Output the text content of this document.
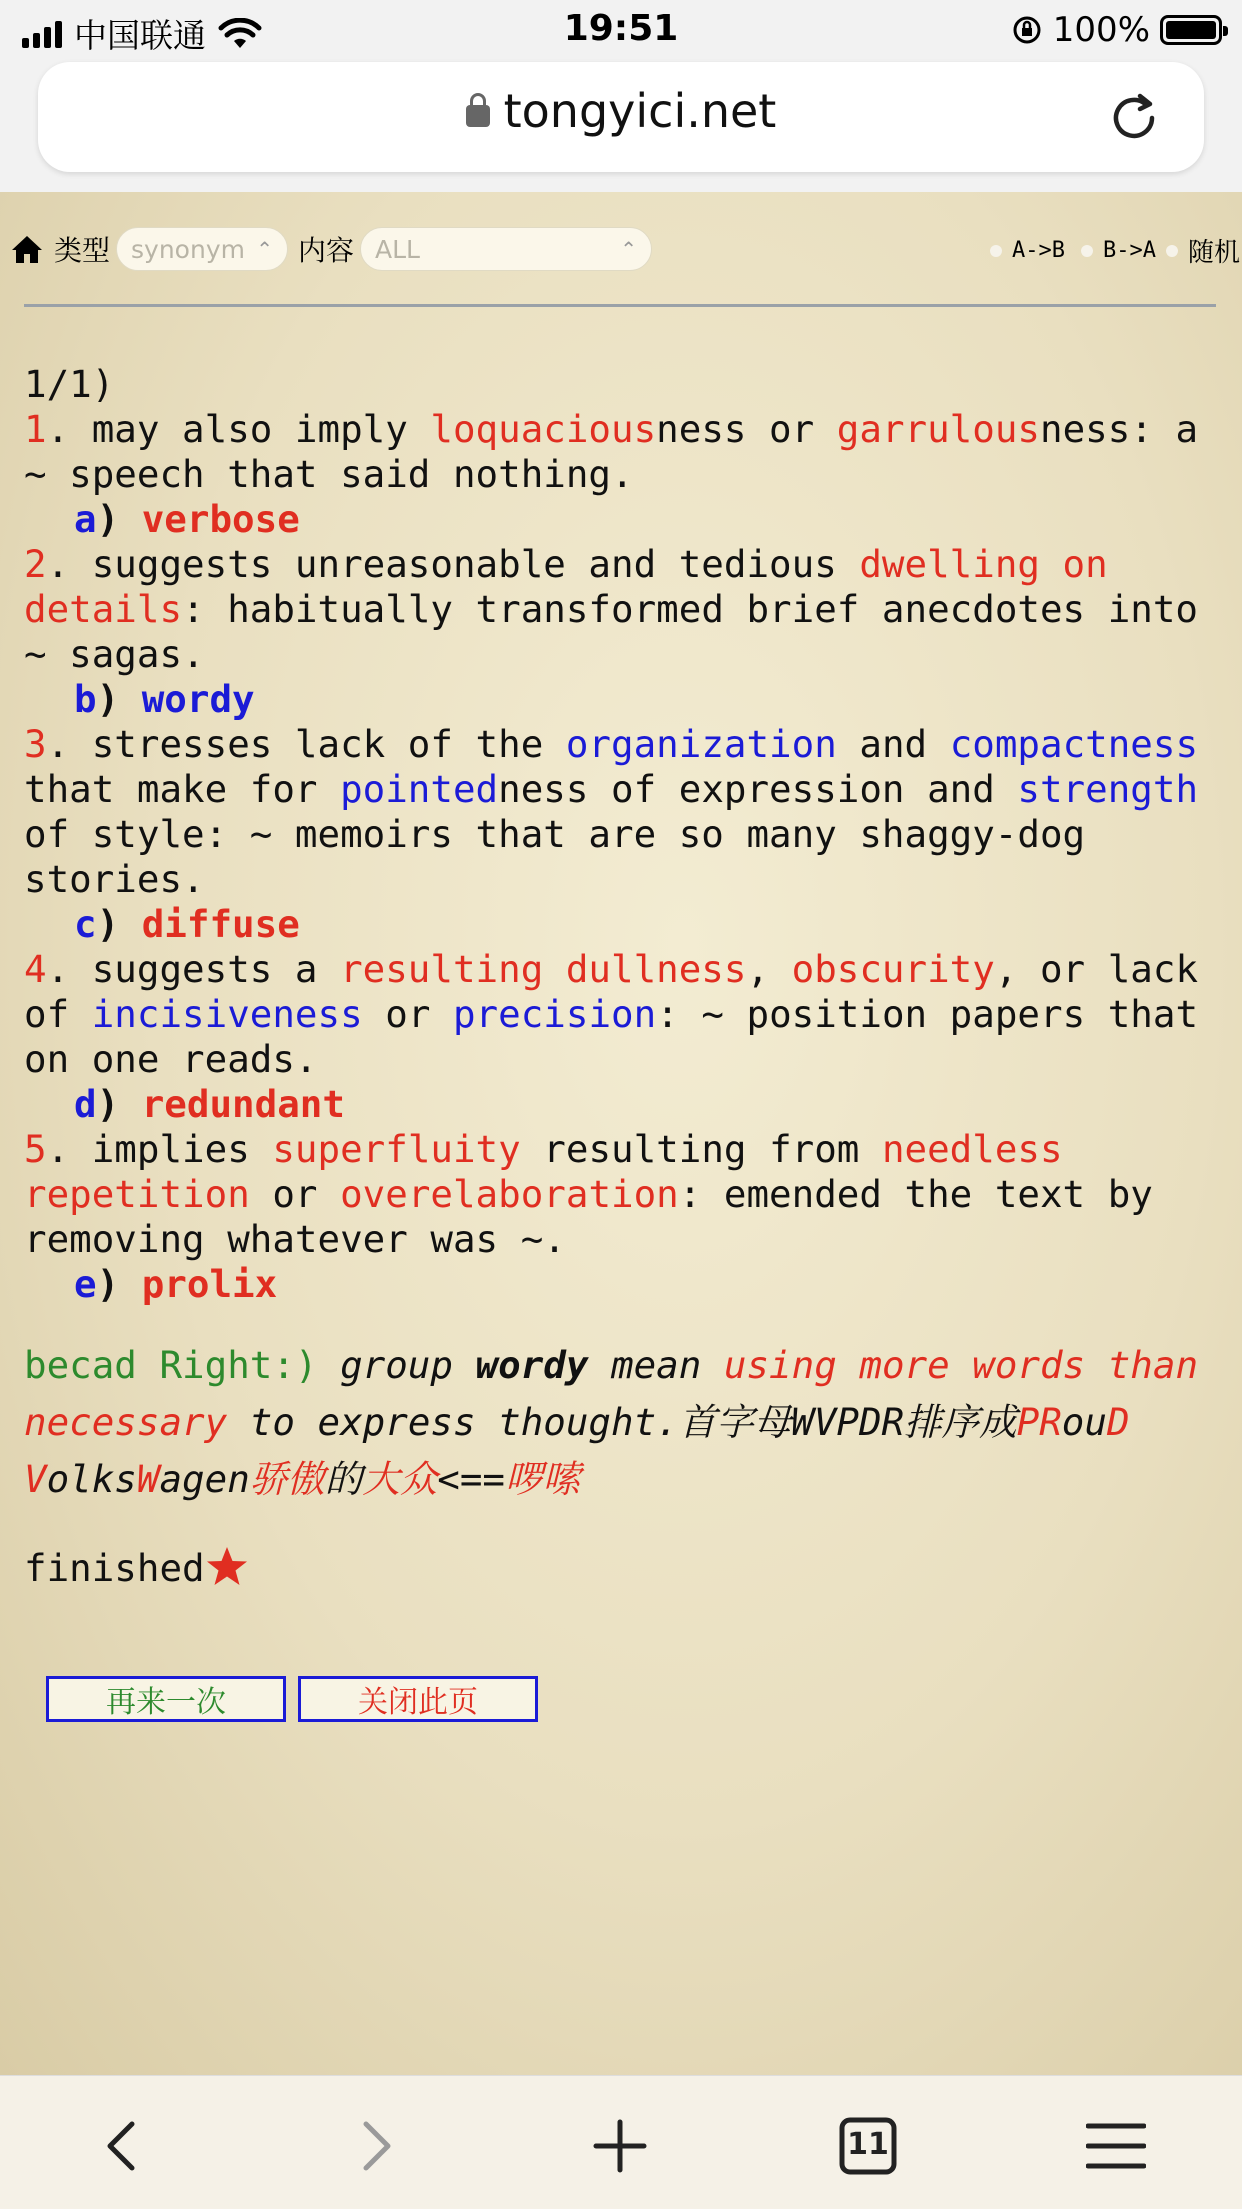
中国联通	19:51	100%
tongyici.net
类型 synonym ⌃ 内容 ALL	⌃	A->B B->A 随机
1/1)
1. may also imply loquaciousness or garrulousness: a ~ speech that said nothing.
a) verbose
2. suggests unreasonable and tedious dwelling on details: habitually transformed brief anecdotes into ~ sagas.
b) wordy
3. stresses lack of the organization and compactness that make for pointedness of expression and strength of style: ~ memoirs that are so many shaggy-dog stories.
c) diffuse
4. suggests a resulting dullness, obscurity, or lack of incisiveness or precision: ~ position papers that on one reads.
d) redundant
5. implies superfluity resulting from needless repetition or overelaboration: emended the text by removing whatever was ~.
e) prolix
becad Right:) group wordy mean using more words than necessary to express thought.首字母WVPDR排序成PRouD VolksWagen骄傲的大众<==啰嗦
finished
再来一次	关闭此页
11
